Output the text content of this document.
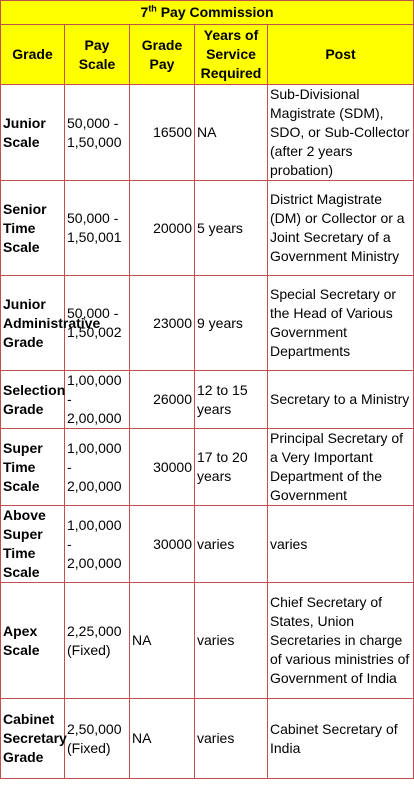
7th Pay Commission				
Grade	Pay Scale	Grade Pay	Years of Service Required	Post
Junior Scale	50,000 - 1,50,000	16500	NA	Sub-Divisional Magistrate (SDM), SDO, or Sub-Collector (after 2 years probation)
Senior Time Scale	50,000 - 1,50,001	20000	5 years	District Magistrate (DM) or Collector or a Joint Secretary of a Government Ministry
Junior Administrative Grade	50,000 - 1,50,002	23000	9 years	Special Secretary or the Head of Various Government Departments
Selection Grade	1,00,000 - 2,00,000	26000	12 to 15 years	Secretary to a Ministry
Super Time Scale	1,00,000 - 2,00,000	30000	17 to 20 years	Principal Secretary of a Very Important Department of the Government
Above Super Time Scale	1,00,000 - 2,00,000	30000	varies	varies
Apex Scale	2,25,000 (Fixed)	NA	varies	Chief Secretary of States, Union Secretaries in charge of various ministries of Government of India
Cabinet Secretary Grade	2,50,000 (Fixed)	NA	varies	Cabinet Secretary of India
